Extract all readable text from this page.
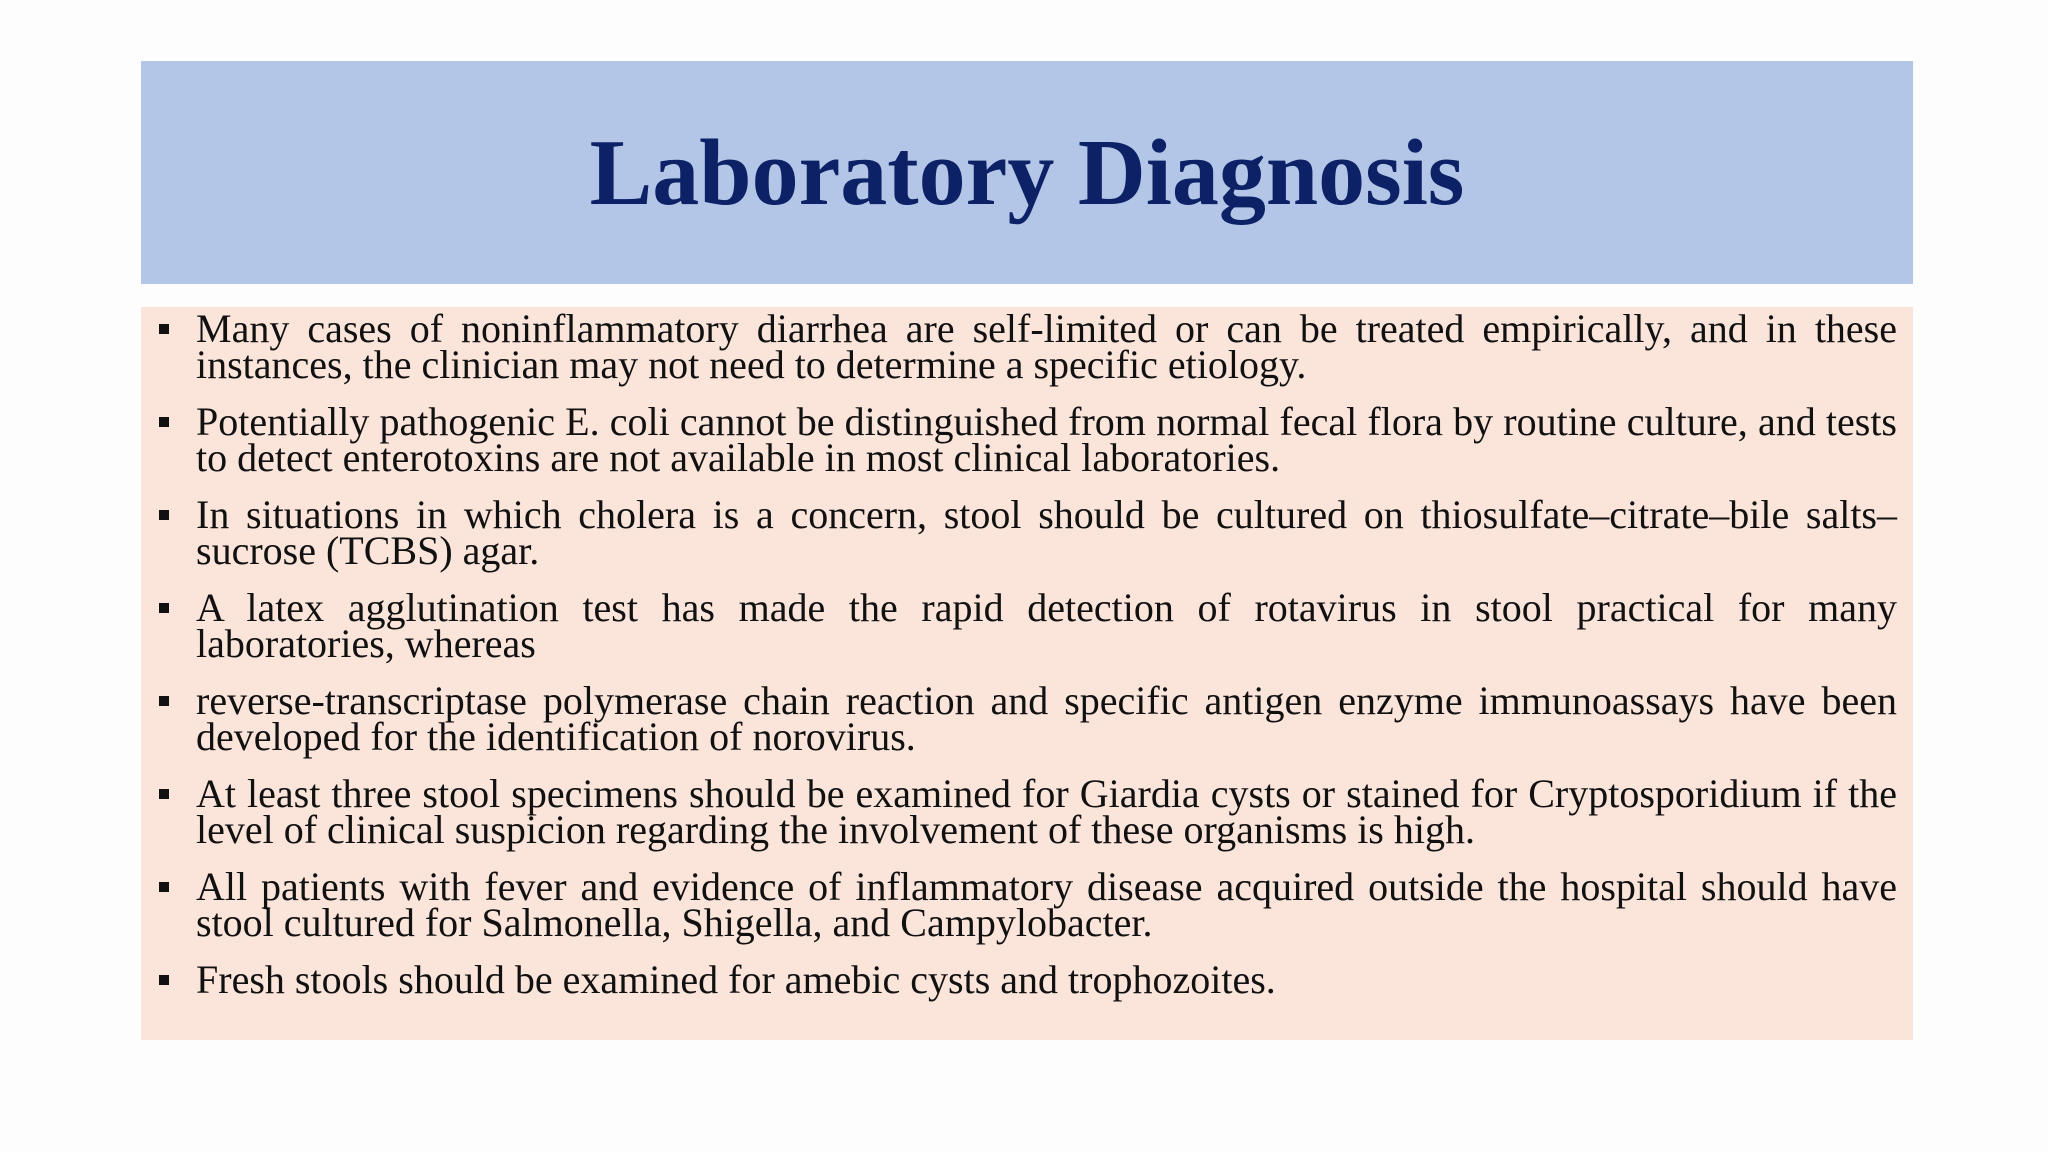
Laboratory Diagnosis
Many cases of noninflammatory diarrhea are self-limited or can be treated empirically, and in these instances, the clinician may not need to determine a specific etiology.
Potentially pathogenic E. coli cannot be distinguished from normal fecal flora by routine culture, and tests to detect enterotoxins are not available in most clinical laboratories.
In situations in which cholera is a concern, stool should be cultured on thiosulfate–citrate–bile salts–sucrose (TCBS) agar.
A latex agglutination test has made the rapid detection of rotavirus in stool practical for many laboratories, whereas
reverse-transcriptase polymerase chain reaction and specific antigen enzyme immunoassays have been developed for the identification of norovirus.
At least three stool specimens should be examined for Giardia cysts or stained for Cryptosporidium if the level of clinical suspicion regarding the involvement of these organisms is high.
All patients with fever and evidence of inflammatory disease acquired outside the hospital should have stool cultured for Salmonella, Shigella, and Campylobacter.
Fresh stools should be examined for amebic cysts and trophozoites.
